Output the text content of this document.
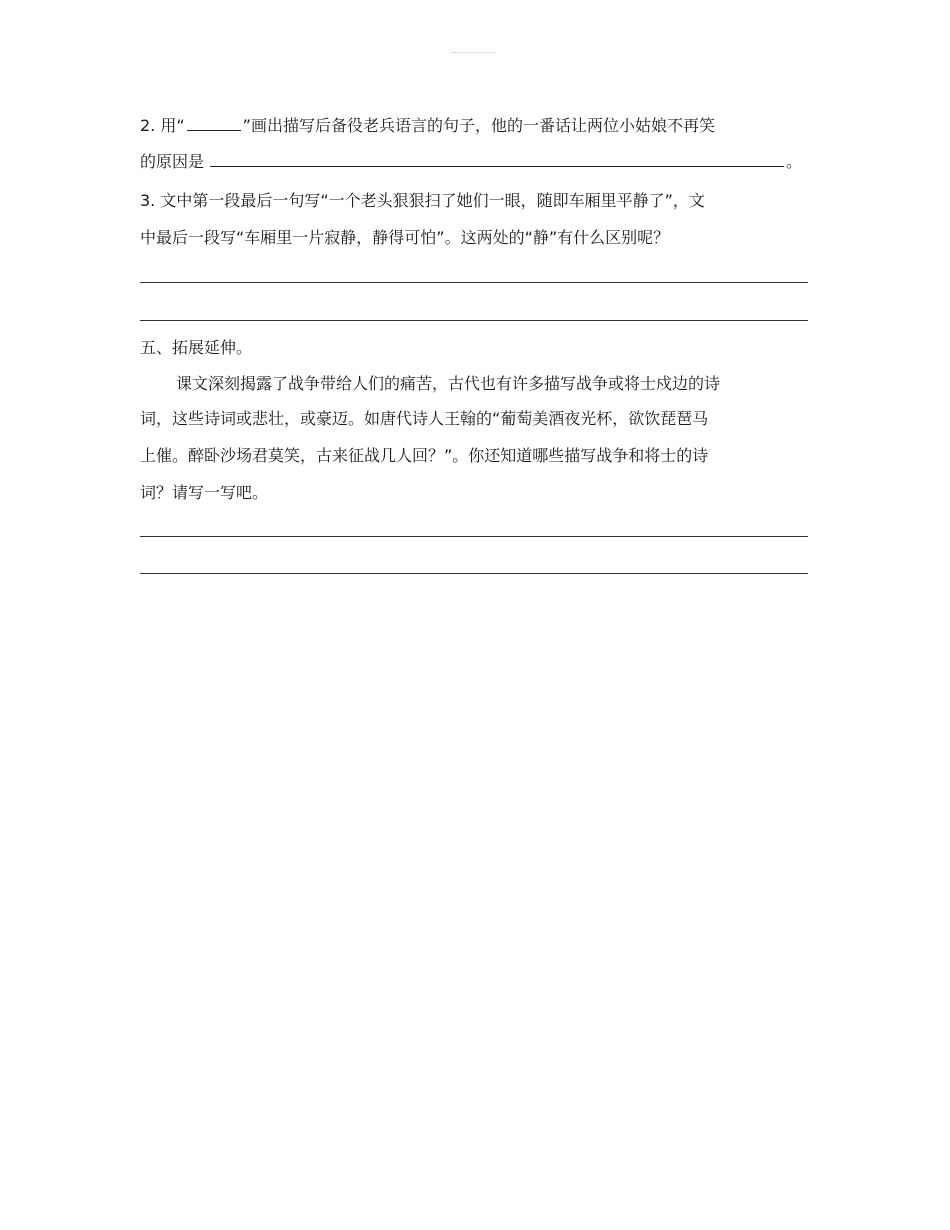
2. 用“	”画出描写后备役老兵语言的句子，他的一番话让两位小姑娘不再笑
的原因是	。
3. 文中第一段最后一句写“一个老头狠狠扫了她们一眼，随即车厢里平静了”，文
中最后一段写“车厢里一片寂静，静得可怕”。这两处的“静”有什么区别呢？
五、拓展延伸。
课文深刻揭露了战争带给人们的痛苦，古代也有许多描写战争或将士戍边的诗
词，这些诗词或悲壮，或豪迈。如唐代诗人王翰的“葡萄美酒夜光杯，欲饮琵琶马
上催。醉卧沙场君莫笑，古来征战几人回？”。你还知道哪些描写战争和将士的诗
词？请写一写吧。
